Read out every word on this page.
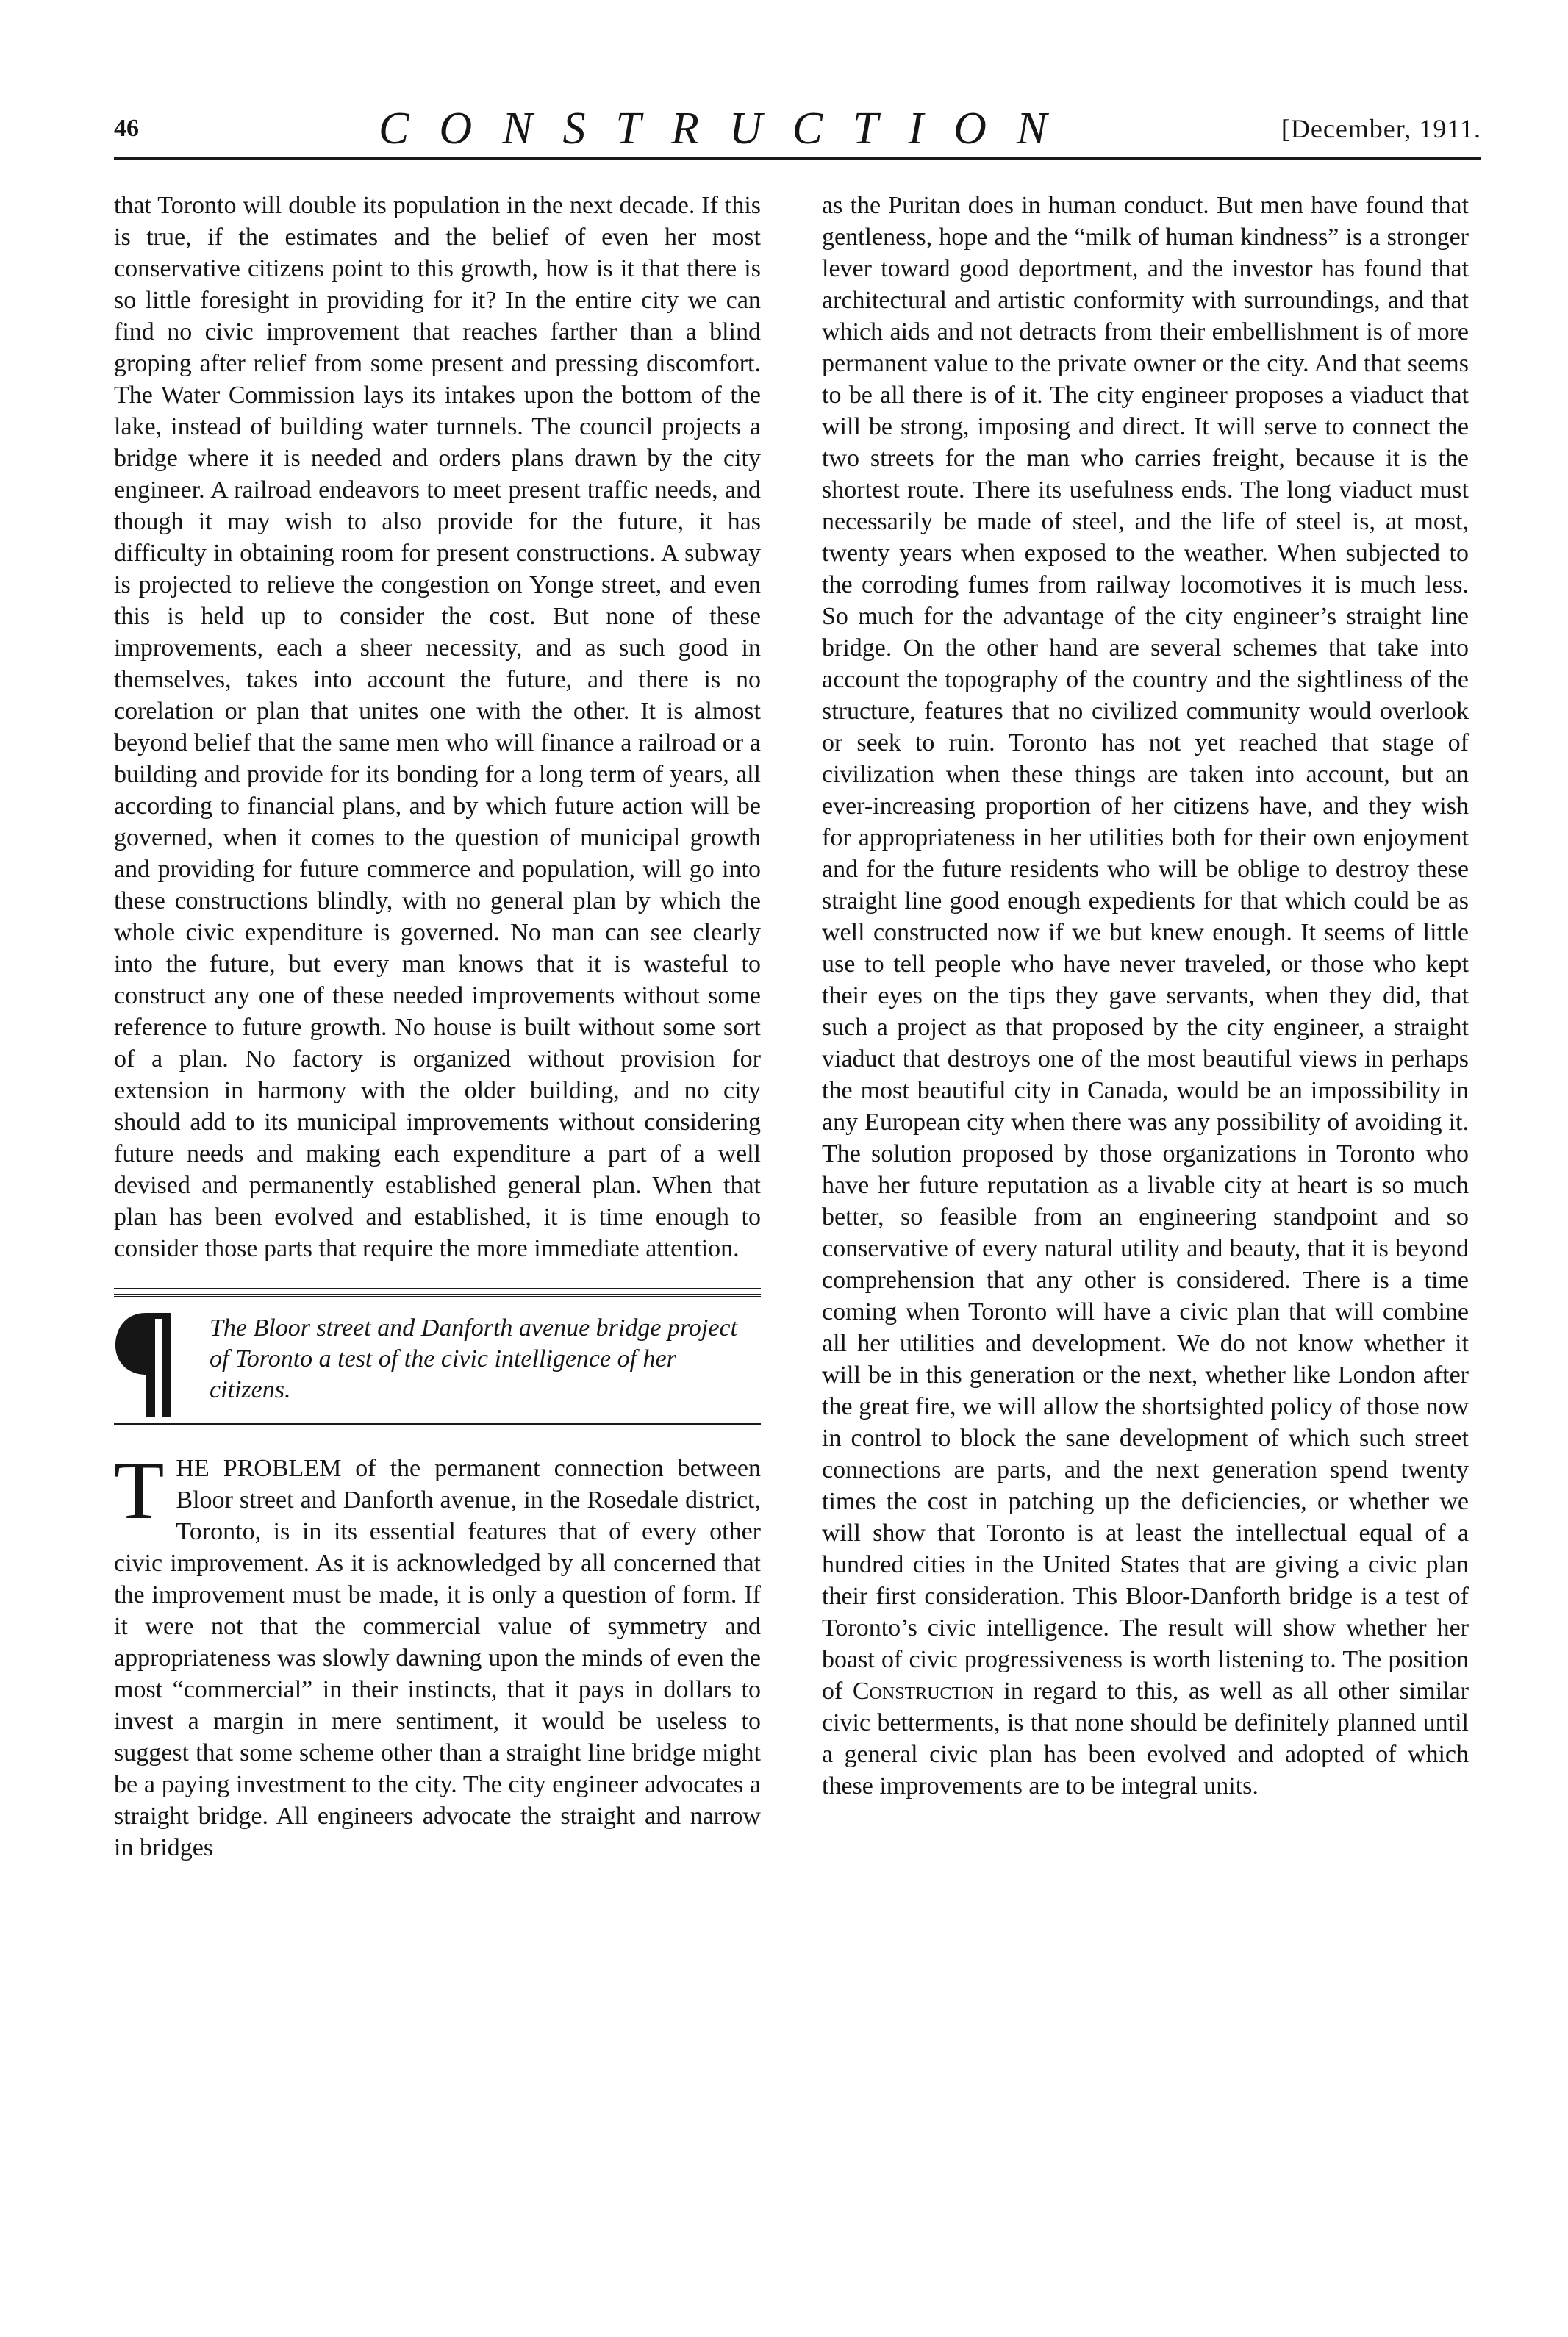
46	CONSTRUCTION	[December, 1911.

that Toronto will double its population in the next decade. If this is true, if the estimates and the belief of even her most conservative citizens point to this growth, how is it that there is so little foresight in providing for it? In the entire city we can find no civic improvement that reaches farther than a blind groping after relief from some present and pressing discomfort. The Water Commission lays its intakes upon the bottom of the lake, instead of building water turnnels. The council projects a bridge where it is needed and orders plans drawn by the city engineer. A railroad endeavors to meet present traffic needs, and though it may wish to also provide for the future, it has difficulty in obtaining room for present constructions. A subway is projected to relieve the congestion on Yonge street, and even this is held up to consider the cost. But none of these improvements, each a sheer necessity, and as such good in themselves, takes into account the future, and there is no corelation or plan that unites one with the other. It is almost beyond belief that the same men who will finance a railroad or a building and provide for its bonding for a long term of years, all according to financial plans, and by which future action will be governed, when it comes to the question of municipal growth and providing for future commerce and population, will go into these constructions blindly, with no general plan by which the whole civic expenditure is governed. No man can see clearly into the future, but every man knows that it is wasteful to construct any one of these needed improvements without some reference to future growth. No house is built without some sort of a plan. No factory is organized without provision for extension in harmony with the older building, and no city should add to its municipal improvements without considering future needs and making each expenditure a part of a well devised and permanently established general plan. When that plan has been evolved and established, it is time enough to consider those parts that require the more immediate attention.

The Bloor street and Danforth avenue bridge project of Toronto a test of the civic intelligence of her citizens.

THE PROBLEM of the permanent connection between Bloor street and Danforth avenue, in the Rosedale district, Toronto, is in its essential features that of every other civic improvement. As it is acknowledged by all concerned that the improvement must be made, it is only a question of form. If it were not that the commercial value of symmetry and appropriateness was slowly dawning upon the minds of even the most “commercial” in their instincts, that it pays in dollars to invest a margin in mere sentiment, it would be useless to suggest that some scheme other than a straight line bridge might be a paying investment to the city. The city engineer advocates a straight bridge. All engineers advocate the straight and narrow in bridges

as the Puritan does in human conduct. But men have found that gentleness, hope and the “milk of human kindness” is a stronger lever toward good deportment, and the investor has found that architectural and artistic conformity with surroundings, and that which aids and not detracts from their embellishment is of more permanent value to the private owner or the city. And that seems to be all there is of it. The city engineer proposes a viaduct that will be strong, imposing and direct. It will serve to connect the two streets for the man who carries freight, because it is the shortest route. There its usefulness ends. The long viaduct must necessarily be made of steel, and the life of steel is, at most, twenty years when exposed to the weather. When subjected to the corroding fumes from railway locomotives it is much less. So much for the advantage of the city engineer’s straight line bridge. On the other hand are several schemes that take into account the topography of the country and the sightliness of the structure, features that no civilized community would overlook or seek to ruin. Toronto has not yet reached that stage of civilization when these things are taken into account, but an ever-increasing proportion of her citizens have, and they wish for appropriateness in her utilities both for their own enjoyment and for the future residents who will be oblige to destroy these straight line good enough expedients for that which could be as well constructed now if we but knew enough. It seems of little use to tell people who have never traveled, or those who kept their eyes on the tips they gave servants, when they did, that such a project as that proposed by the city engineer, a straight viaduct that destroys one of the most beautiful views in perhaps the most beautiful city in Canada, would be an impossibility in any European city when there was any possibility of avoiding it. The solution proposed by those organizations in Toronto who have her future reputation as a livable city at heart is so much better, so feasible from an engineering standpoint and so conservative of every natural utility and beauty, that it is beyond comprehension that any other is considered. There is a time coming when Toronto will have a civic plan that will combine all her utilities and development. We do not know whether it will be in this generation or the next, whether like London after the great fire, we will allow the shortsighted policy of those now in control to block the sane development of which such street connections are parts, and the next generation spend twenty times the cost in patching up the deficiencies, or whether we will show that Toronto is at least the intellectual equal of a hundred cities in the United States that are giving a civic plan their first consideration. This Bloor-Danforth bridge is a test of Toronto’s civic intelligence. The result will show whether her boast of civic progressiveness is worth listening to. The position of Construction in regard to this, as well as all other similar civic betterments, is that none should be definitely planned until a general civic plan has been evolved and adopted of which these improvements are to be integral units.
